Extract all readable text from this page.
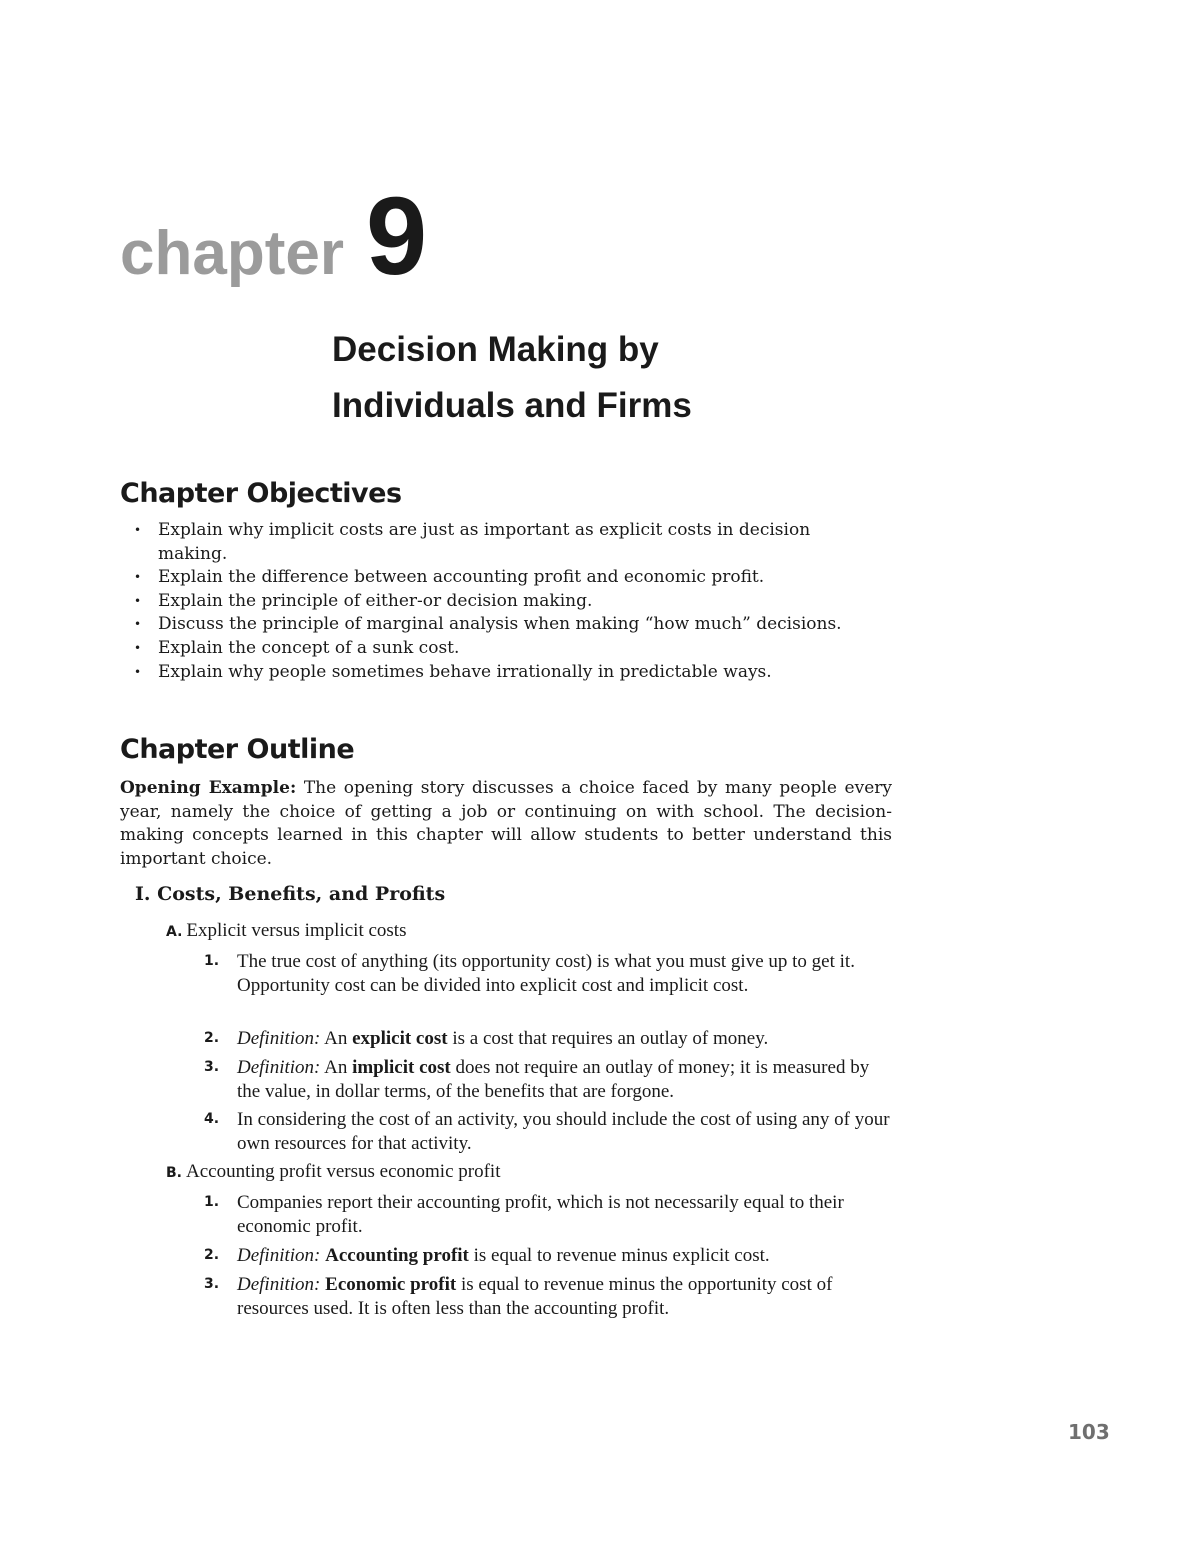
chapter 9
Decision Making by
Individuals and Firms
Chapter Objectives
• Explain why implicit costs are just as important as explicit costs in decision making.
• Explain the difference between accounting profit and economic profit.
• Explain the principle of either-or decision making.
• Discuss the principle of marginal analysis when making “how much” decisions.
• Explain the concept of a sunk cost.
• Explain why people sometimes behave irrationally in predictable ways.
Chapter Outline
Opening Example: The opening story discusses a choice faced by many people every year, namely the choice of getting a job or continuing on with school. The decision-making concepts learned in this chapter will allow students to better understand this important choice.
I. Costs, Benefits, and Profits
A. Explicit versus implicit costs
1. The true cost of anything (its opportunity cost) is what you must give up to get it. Opportunity cost can be divided into explicit cost and implicit cost.
2. Definition: An explicit cost is a cost that requires an outlay of money.
3. Definition: An implicit cost does not require an outlay of money; it is measured by the value, in dollar terms, of the benefits that are forgone.
4. In considering the cost of an activity, you should include the cost of using any of your own resources for that activity.
B. Accounting profit versus economic profit
1. Companies report their accounting profit, which is not necessarily equal to their economic profit.
2. Definition: Accounting profit is equal to revenue minus explicit cost.
3. Definition: Economic profit is equal to revenue minus the opportunity cost of resources used. It is often less than the accounting profit.
103
